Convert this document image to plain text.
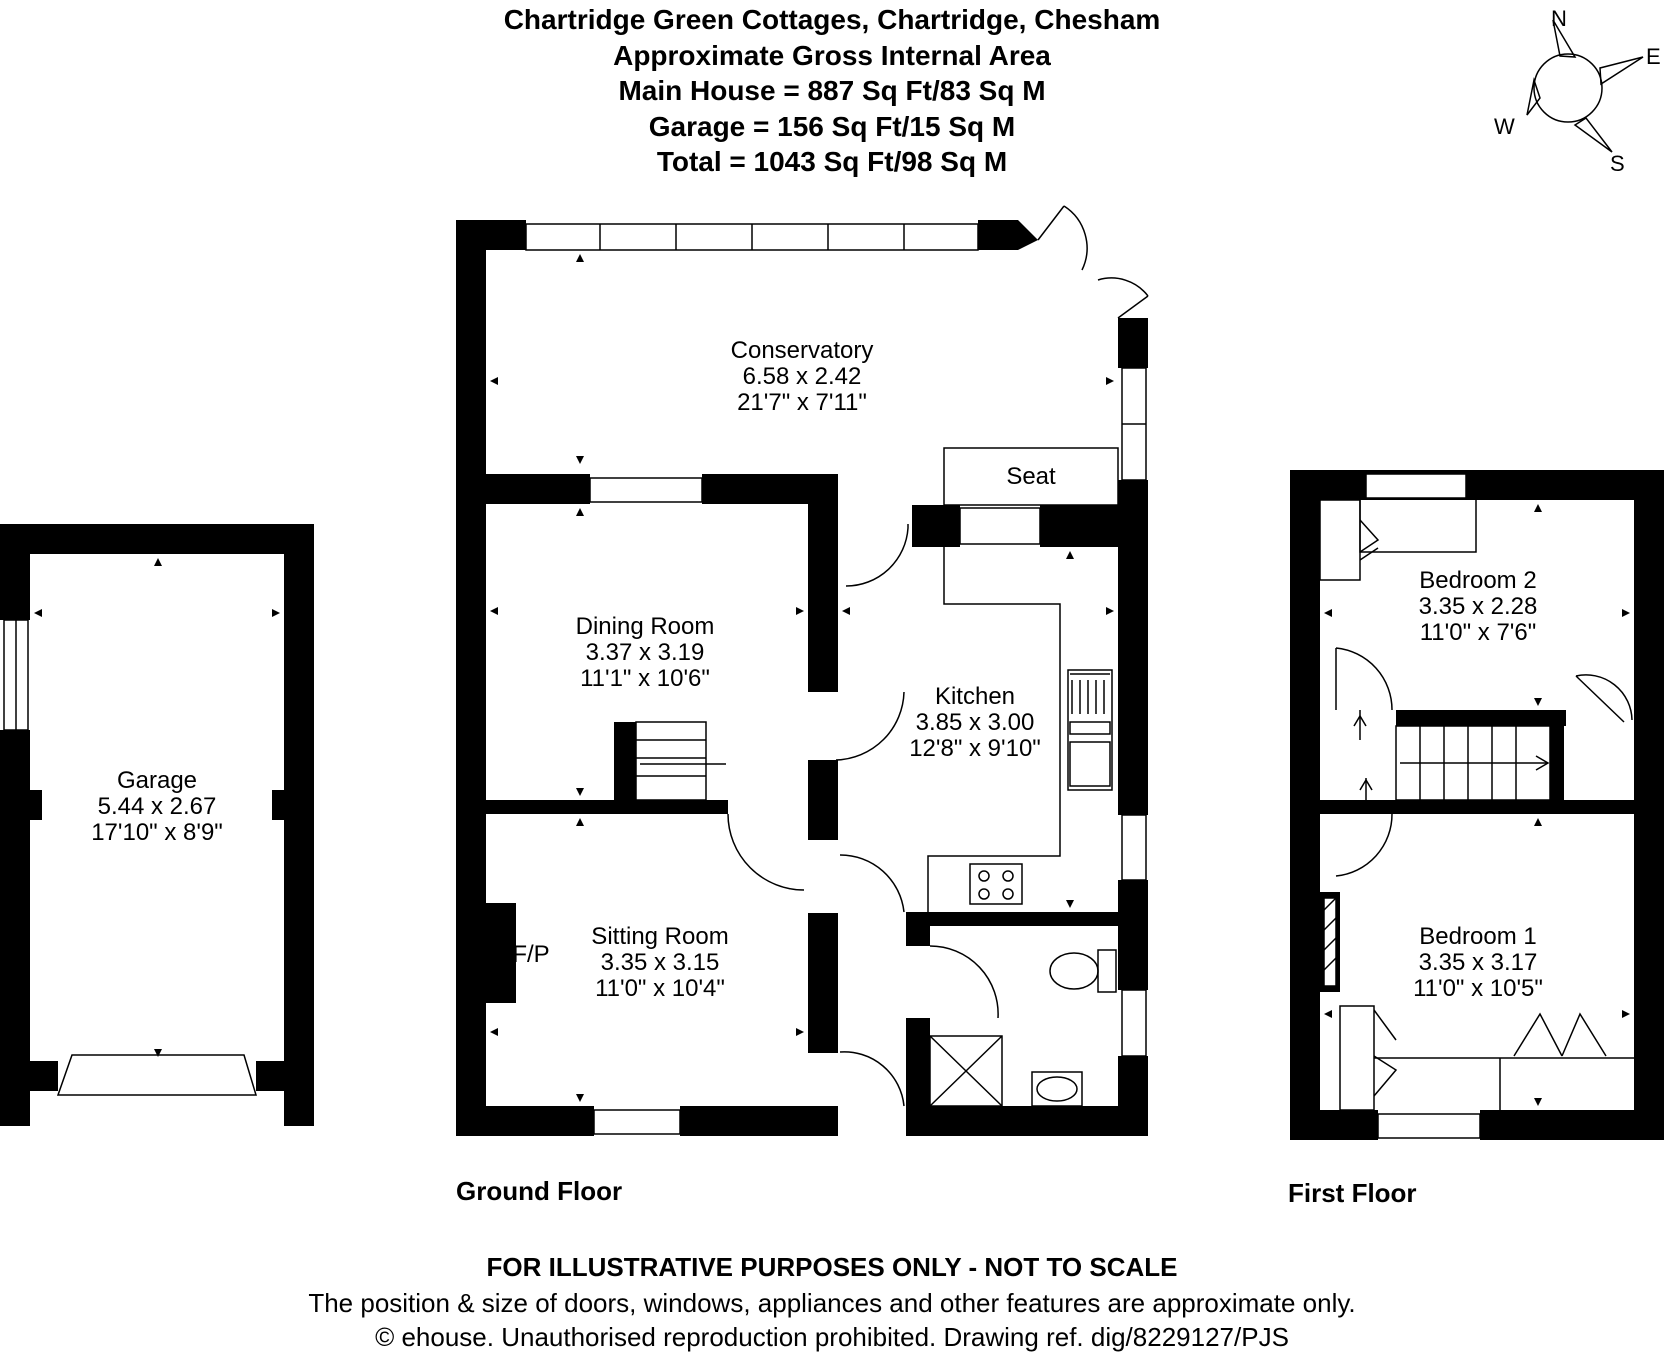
Chartridge Green Cottages, Chartridge, Chesham
Approximate Gross Internal Area
Main House = 887 Sq Ft/83 Sq M
Garage = 156 Sq Ft/15 Sq M
Total = 1043 Sq Ft/98 Sq M
N
E
S
W
Conservatory
6.58 x 2.42
21'7" x 7'11"
Dining Room
3.37 x 3.19
11'1" x 10'6"
Kitchen
3.85 x 3.00
12'8" x 9'10"
Sitting Room
3.35 x 3.15
11'0" x 10'4"
Garage
5.44 x 2.67
17'10" x 8'9"
Bedroom 2
3.35 x 2.28
11'0" x 7'6"
Bedroom 1
3.35 x 3.17
11'0" x 10'5"
Seat
F/P
Ground Floor	First Floor
FOR ILLUSTRATIVE PURPOSES ONLY - NOT TO SCALE
The position & size of doors, windows, appliances and other features are approximate only.
© ehouse. Unauthorised reproduction prohibited. Drawing ref. dig/8229127/PJS
